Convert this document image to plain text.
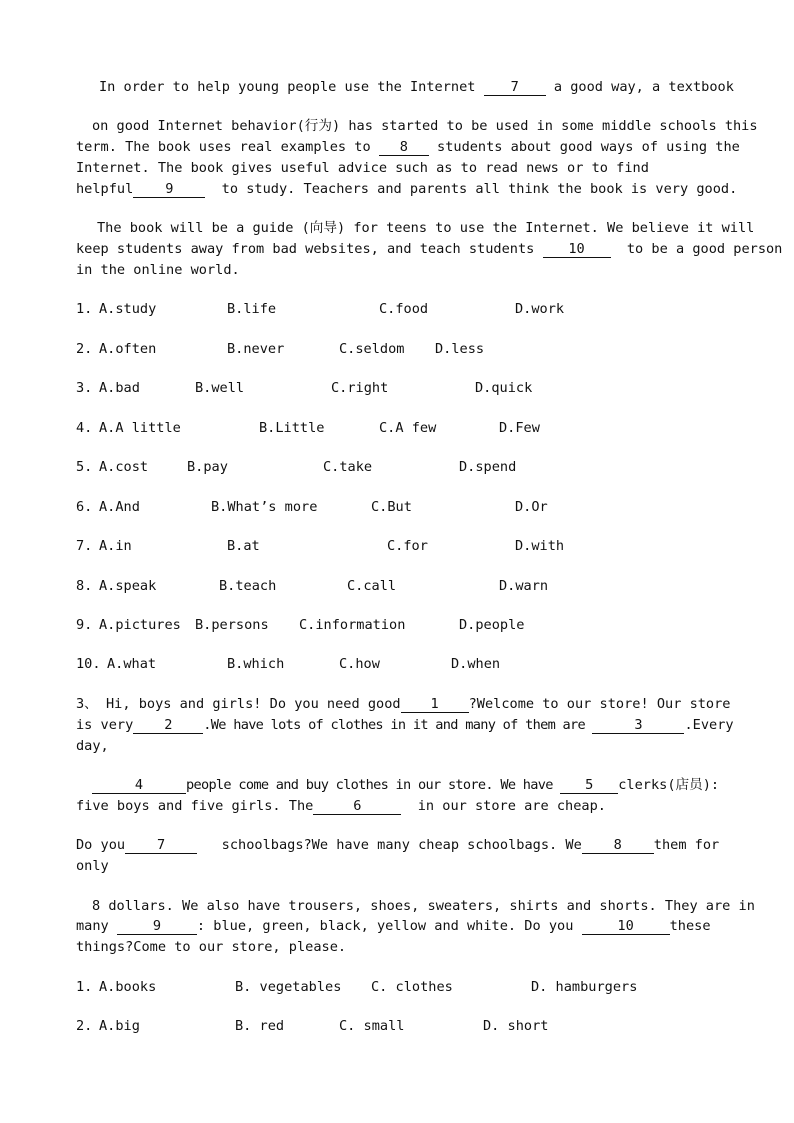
In order to help young people use the Internet 7 a good way, a textbook
on good Internet behavior(行为) has started to be used in some middle schools this
term. The book uses real examples to 8 students about good ways of using the
Internet. The book gives useful advice such as to read news or to find
helpful 9  to study. Teachers and parents all think the book is very good.
The book will be a guide (向导) for teens to use the Internet. We believe it will
keep students away from bad websites, and teach students 10  to be a good person
in the online world.
1. A.study	B.life	C.food	D.work
2. A.often	B.never	C.seldom D.less
3. A.bad	B.well	C.right	D.quick
4. A.A little	B.Little	C.A few	D.Few
5. A.cost	B.pay	C.take	D.spend
6. A.And	B.What’s more	C.But	D.Or
7. A.in	B.at	C.for	D.with
8. A.speak	B.teach	C.call	D.warn
9. A.pictures B.persons C.information	D.people
10. A.what	B.which	C.how	D.when
3、 Hi, boys and girls! Do you need good 1 ?Welcome to our store! Our store
is very 2 .We have lots of clothes in it and many of them are	3	.Every
day,
4	people come and buy clothes in our store. We have 5 clerks(店员):
five boys and five girls. The	6	in our store are cheap.
Do you 7   schoolbags?We have many cheap schoolbags. We 8 them for
only
8 dollars. We also have trousers, shoes, sweaters, shirts and shorts. They are in
many	9	: blue, green, black, yellow and white. Do you	10	these
things?Come to our store, please.
1. A.books	B. vegetables C. clothes	D. hamburgers
2. A.big	B. red	C. small	D. short
